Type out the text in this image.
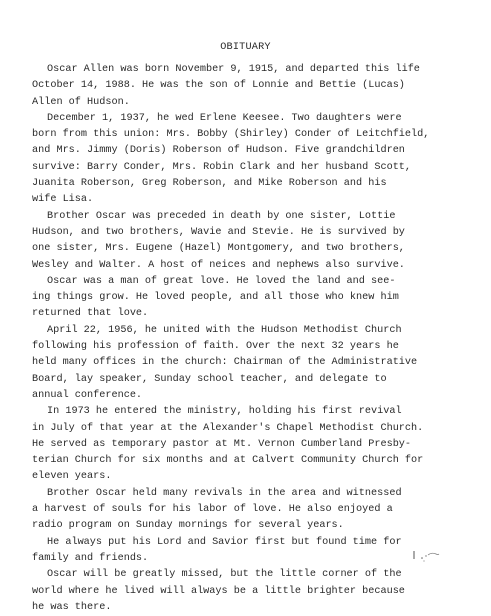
OBITUARY
Oscar Allen was born November 9, 1915, and departed this life
October 14, 1988. He was the son of Lonnie and Bettie (Lucas)
Allen of Hudson.
December 1, 1937, he wed Erlene Keesee. Two daughters were
born from this union: Mrs. Bobby (Shirley) Conder of Leitchfield,
and Mrs. Jimmy (Doris) Roberson of Hudson. Five grandchildren
survive: Barry Conder, Mrs. Robin Clark and her husband Scott,
Juanita Roberson, Greg Roberson, and Mike Roberson and his
wife Lisa.
Brother Oscar was preceded in death by one sister, Lottie
Hudson, and two brothers, Wavie and Stevie. He is survived by
one sister, Mrs. Eugene (Hazel) Montgomery, and two brothers,
Wesley and Walter. A host of neices and nephews also survive.
Oscar was a man of great love. He loved the land and see-
ing things grow. He loved people, and all those who knew him
returned that love.
April 22, 1956, he united with the Hudson Methodist Church
following his profession of faith. Over the next 32 years he
held many offices in the church: Chairman of the Administrative
Board, lay speaker, Sunday school teacher, and delegate to
annual conference.
In 1973 he entered the ministry, holding his first revival
in July of that year at the Alexander's Chapel Methodist Church.
He served as temporary pastor at Mt. Vernon Cumberland Presby-
terian Church for six months and at Calvert Community Church for
eleven years.
Brother Oscar held many revivals in the area and witnessed
a harvest of souls for his labor of love. He also enjoyed a
radio program on Sunday mornings for several years.
He always put his Lord and Savior first but found time for
family and friends.
Oscar will be greatly missed, but the little corner of the
world where he lived will always be a little brighter because
he was there.
